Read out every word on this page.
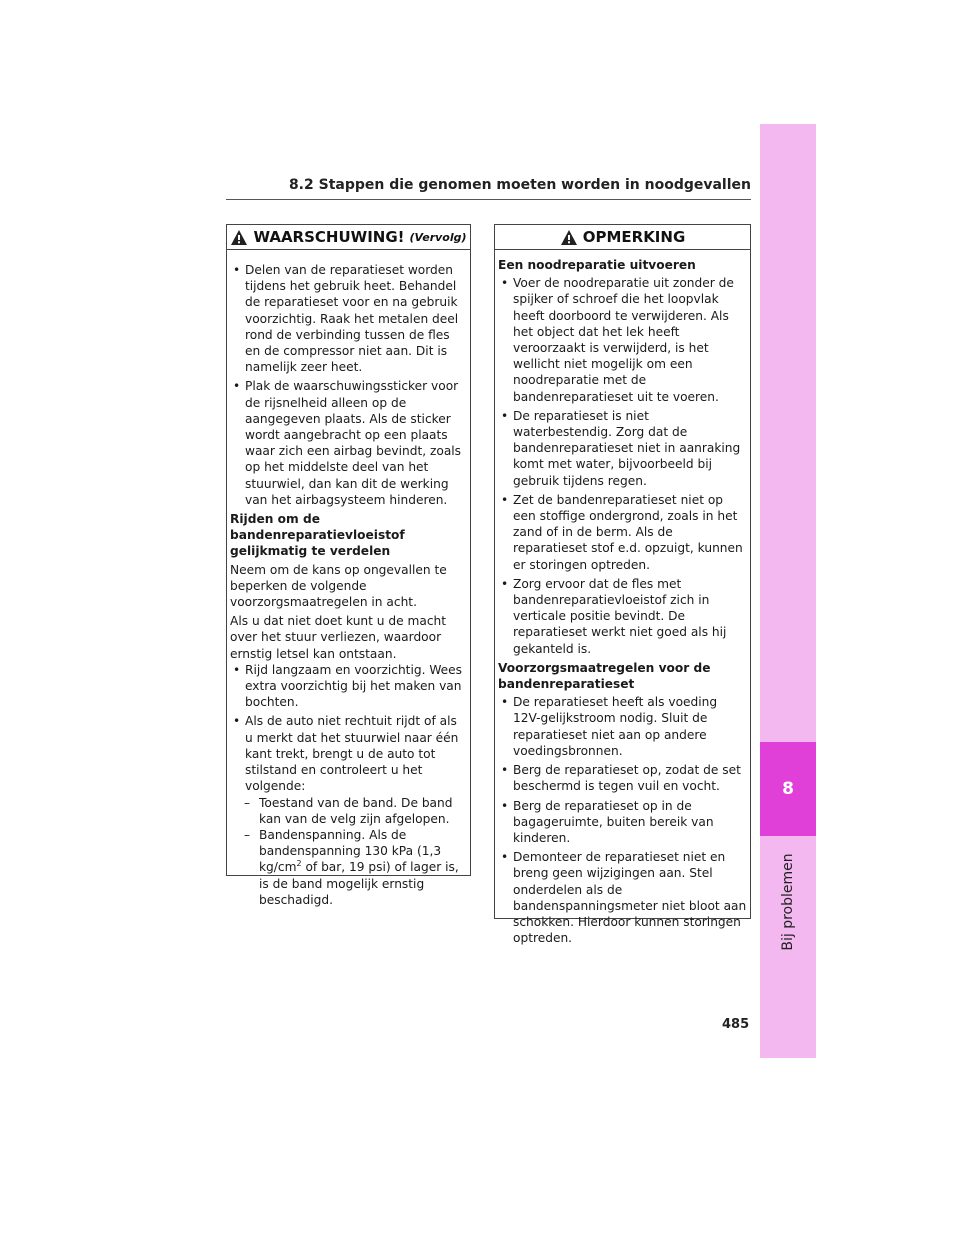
8
Bij problemen
8.2 Stappen die genomen moeten worden in noodgevallen
WAARSCHUWING! (Vervolg)
• Delen van de reparatieset worden tijdens het gebruik heet. Behandel de reparatieset voor en na gebruik voorzichtig. Raak het metalen deel rond de verbinding tussen de fles en de compressor niet aan. Dit is namelijk zeer heet.
• Plak de waarschuwingssticker voor de rijsnelheid alleen op de aangegeven plaats. Als de sticker wordt aangebracht op een plaats waar zich een airbag bevindt, zoals op het middelste deel van het stuurwiel, dan kan dit de werking van het airbagsysteem hinderen.
Rijden om de bandenreparatievloeistof gelijkmatig te verdelen
Neem om de kans op ongevallen te beperken de volgende voorzorgsmaatregelen in acht.
Als u dat niet doet kunt u de macht over het stuur verliezen, waardoor ernstig letsel kan ontstaan.
• Rijd langzaam en voorzichtig. Wees extra voorzichtig bij het maken van bochten.
• Als de auto niet rechtuit rijdt of als u merkt dat het stuurwiel naar één kant trekt, brengt u de auto tot stilstand en controleert u het volgende:
– Toestand van de band. De band kan van de velg zijn afgelopen.
– Bandenspanning. Als de bandenspanning 130 kPa (1,3 $kg/cm^2$ of bar, 19 psi) of lager is, is de band mogelijk ernstig beschadigd.
OPMERKING
Een noodreparatie uitvoeren
• Voer de noodreparatie uit zonder de spijker of schroef die het loopvlak heeft doorboord te verwijderen. Als het object dat het lek heeft veroorzaakt is verwijderd, is het wellicht niet mogelijk om een noodreparatie met de bandenreparatieset uit te voeren.
• De reparatieset is niet waterbestendig. Zorg dat de bandenreparatieset niet in aanraking komt met water, bijvoorbeeld bij gebruik tijdens regen.
• Zet de bandenreparatieset niet op een stoffige ondergrond, zoals in het zand of in de berm. Als de reparatieset stof e.d. opzuigt, kunnen er storingen optreden.
• Zorg ervoor dat de fles met bandenreparatievloeistof zich in verticale positie bevindt. De reparatieset werkt niet goed als hij gekanteld is.
Voorzorgsmaatregelen voor de bandenreparatieset
• De reparatieset heeft als voeding 12V-gelijkstroom nodig. Sluit de reparatieset niet aan op andere voedingsbronnen.
• Berg de reparatieset op, zodat de set beschermd is tegen vuil en vocht.
• Berg de reparatieset op in de bagageruimte, buiten bereik van kinderen.
• Demonteer de reparatieset niet en breng geen wijzigingen aan. Stel onderdelen als de bandenspanningsmeter niet bloot aan schokken. Hierdoor kunnen storingen optreden.
485
